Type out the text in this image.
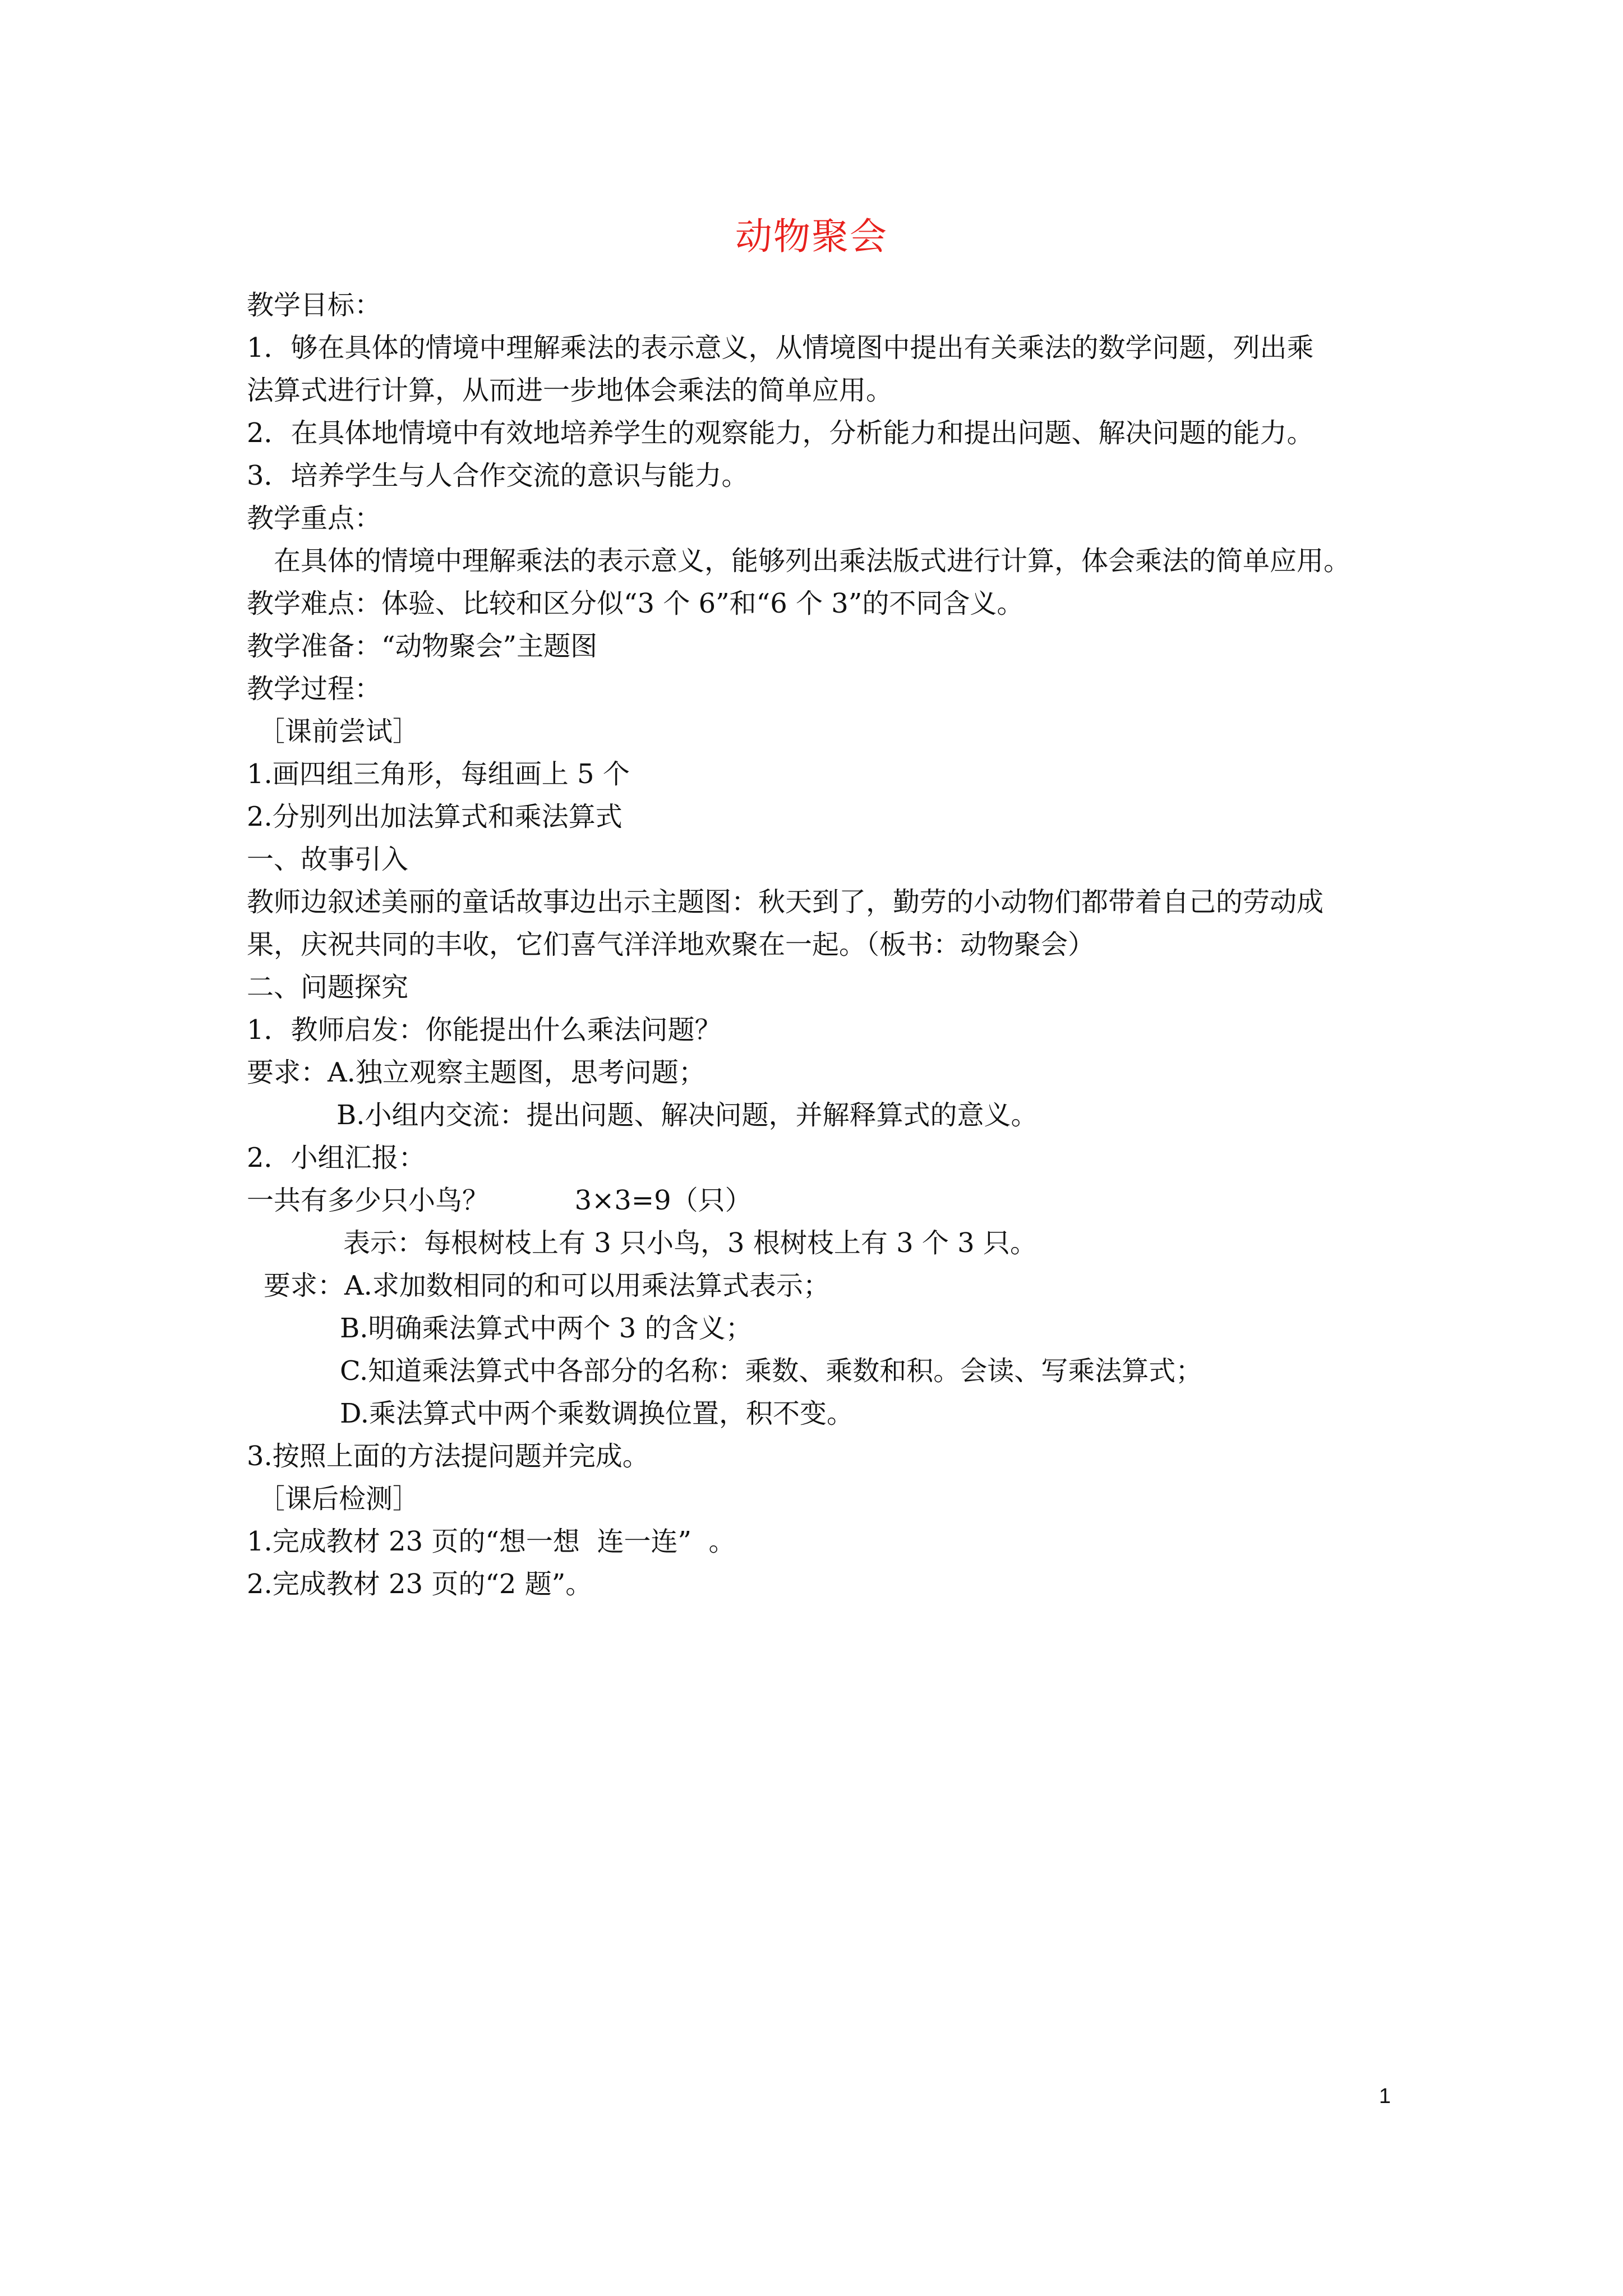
动物聚会
教学目标：
1．够在具体的情境中理解乘法的表示意义，从情境图中提出有关乘法的数学问题，列出乘
法算式进行计算，从而进一步地体会乘法的简单应用。
2．在具体地情境中有效地培养学生的观察能力，分析能力和提出问题、解决问题的能力。
3．培养学生与人合作交流的意识与能力。
教学重点：
在具体的情境中理解乘法的表示意义，能够列出乘法版式进行计算，体会乘法的简单应用。
教学难点：体验、比较和区分似“3 个 6”和“6 个 3”的不同含义。
教学准备：“动物聚会”主题图
教学过程：
［课前尝试］
1.画四组三角形，每组画上 5 个
2.分别列出加法算式和乘法算式
一、故事引入
教师边叙述美丽的童话故事边出示主题图：秋天到了，勤劳的小动物们都带着自己的劳动成
果，庆祝共同的丰收，它们喜气洋洋地欢聚在一起。（板书：动物聚会）
二、问题探究
1．教师启发：你能提出什么乘法问题？
要求：A.独立观察主题图，思考问题；
B.小组内交流：提出问题、解决问题，并解释算式的意义。
2．小组汇报：
一共有多少只小鸟？          3×3=9（只）
表示：每根树枝上有 3 只小鸟，3 根树枝上有 3 个 3 只。
要求：A.求加数相同的和可以用乘法算式表示；
B.明确乘法算式中两个 3 的含义；
C.知道乘法算式中各部分的名称：乘数、乘数和积。会读、写乘法算式；
D.乘法算式中两个乘数调换位置，积不变。
3.按照上面的方法提问题并完成。
［课后检测］
1.完成教材 23 页的“想一想  连一连”  。
2.完成教材 23 页的“2 题”。
1
